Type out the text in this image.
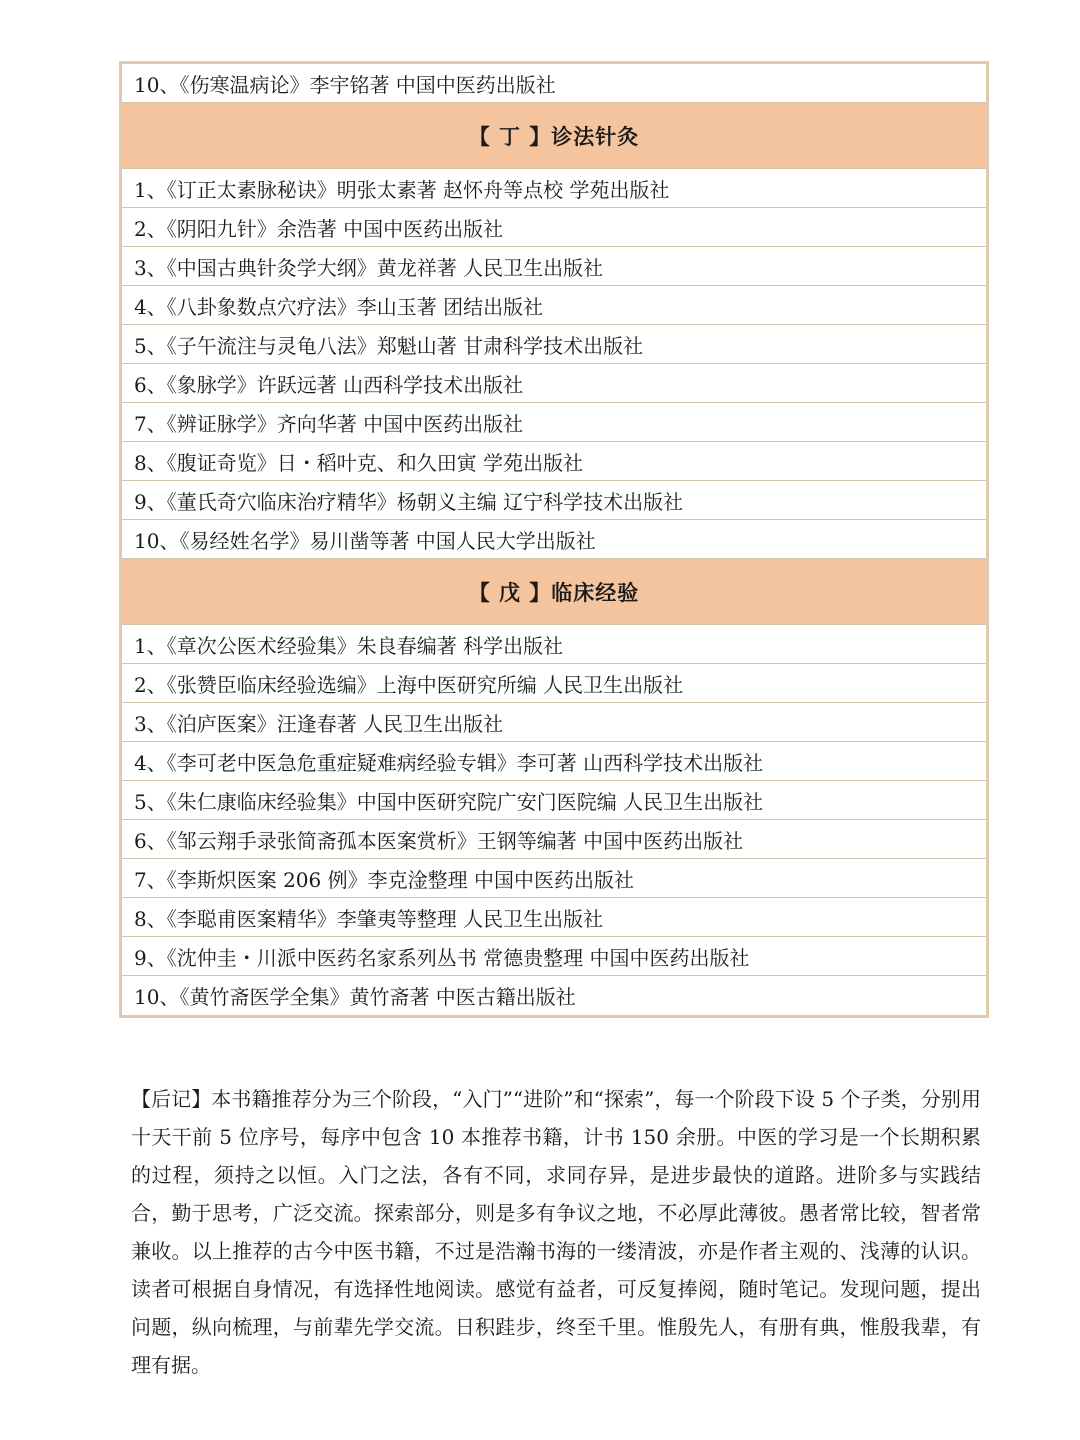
10、《伤寒温病论》李宇铭著 中国中医药出版社
【 丁 】诊法针灸
1、《订正太素脉秘诀》明张太素著 赵怀舟等点校 学苑出版社
2、《阴阳九针》余浩著 中国中医药出版社
3、《中国古典针灸学大纲》黄龙祥著 人民卫生出版社
4、《八卦象数点穴疗法》李山玉著 团结出版社
5、《子午流注与灵龟八法》郑魁山著 甘肃科学技术出版社
6、《象脉学》许跃远著 山西科学技术出版社
7、《辨证脉学》齐向华著 中国中医药出版社
8、《腹证奇览》日・稻叶克、和久田寅 学苑出版社
9、《董氏奇穴临床治疗精华》杨朝义主编 辽宁科学技术出版社
10、《易经姓名学》易川凿等著 中国人民大学出版社
【 戊 】临床经验
1、《章次公医术经验集》朱良春编著 科学出版社
2、《张赞臣临床经验选编》上海中医研究所编 人民卫生出版社
3、《泊庐医案》汪逢春著 人民卫生出版社
4、《李可老中医急危重症疑难病经验专辑》李可著 山西科学技术出版社
5、《朱仁康临床经验集》中国中医研究院广安门医院编 人民卫生出版社
6、《邹云翔手录张简斋孤本医案赏析》王钢等编著 中国中医药出版社
7、《李斯炽医案 206 例》李克淦整理 中国中医药出版社
8、《李聪甫医案精华》李肇夷等整理 人民卫生出版社
9、《沈仲圭・川派中医药名家系列丛书 常德贵整理 中国中医药出版社
10、《黄竹斋医学全集》黄竹斋著 中医古籍出版社
【后记】本书籍推荐分为三个阶段，“入门”“进阶”和“探索”，每一个阶段下设 5 个子类，分别用十天干前 5 位序号，每序中包含 10 本推荐书籍，计书 150 余册。中医的学习是一个长期积累的过程，须持之以恒。入门之法，各有不同，求同存异，是进步最快的道路。进阶多与实践结合，勤于思考，广泛交流。探索部分，则是多有争议之地，不必厚此薄彼。愚者常比较，智者常兼收。以上推荐的古今中医书籍，不过是浩瀚书海的一缕清波，亦是作者主观的、浅薄的认识。读者可根据自身情况，有选择性地阅读。感觉有益者，可反复捧阅，随时笔记。发现问题，提出问题，纵向梳理，与前辈先学交流。日积跬步，终至千里。惟殷先人，有册有典，惟殷我辈，有理有据。
